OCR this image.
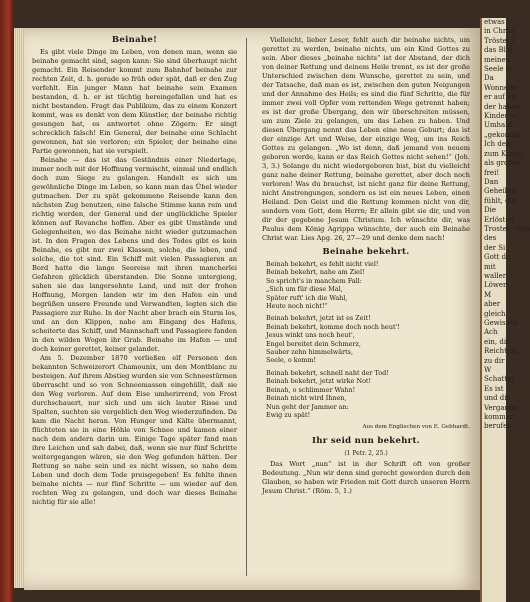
Beinahe!

Es gibt viele Dinge im Leben, von denen man, wenn sie beinahe gemacht sind, sagen kann: Sie sind überhaupt nicht gemacht. Ein Reisender kommt zum Bahnhof beinahe zur rechten Zeit, d. h. gerade so früh oder spät, daß er den Zug verfehlt. Ein junger Mann hat beinahe sein Examen bestanden, d. h. er ist tüchtig hereingefallen und hat es nicht bestanden. Fragt das Publikum, das zu einem Konzert kommt, was es denkt von dem Künstler, der beinahe richtig gesungen hat, es antwortet ohne Zögern: Er singt schrecklich falsch! Ein General, der beinahe eine Schlacht gewonnen, hat sie verloren; ein Spieler, der beinahe eine Partie gewonnen, hat sie verspielt.

Beinahe — das ist das Geständnis einer Niederlage, immer noch mit der Hoffnung vermischt, einmal und endlich doch zum Siege zu gelangen. Handelt es sich um gewöhnliche Dinge im Leben, so kann man das Übel wieder gutmachen. Der zu spät gekommene Reisende kann den nächsten Zug benutzen, eine falsche Stimme kann rein und richtig werden, der General und der unglückliche Spieler können auf Revanche hoffen. Aber es gibt Umstände und Gelegenheiten, wo das Beinahe nicht wieder gutzumachen ist. In den Fragen des Lebens und des Todes gibt es kein Beinahe, es gibt nur zwei Klassen, solche, die leben, und solche, die tot sind. Ein Schiff mit vielen Passagieren an Bord hatte die lange Seereise mit ihren mancherlei Gefahren glücklich überstanden. Die Sonne untergieng, sahen sie das langersehnte Land, und mit der frohen Hoffnung, Morgen landen wir im den Hafen ein und begrüßen unsere Freunde und Verwandten, legten sich die Passagiere zur Ruhe. In der Nacht aber brach ein Sturm los, und an den Klippen, nahe am Eingang des Hafens, scheiterte das Schiff, und Mannschaft und Passagiere fanden in den wilden Wogen ihr Grab. Beinahe im Hafen — und doch keiner gerettet, keiner gelandet.

Am 5. Dezember 1870 verließen elf Personen den bekannten Schweizerort Chamounix, um den Montblanc zu besteigen. Auf ihrem Abstieg wurden sie von Schneestürmen überrascht und so von Schneemassen eingehüllt, daß sie den Weg verloren. Auf dem Eise umherirrend, von Frost durchschauert, nur sich und um sich lauter Risse und Spalten, suchten sie vergeblich den Weg wiederzufinden. Da kam die Nacht heran. Von Hunger und Kälte übermannt, flüchteten sie in eine Höhle von Schnee und kamen einer nach dem andern darin um. Einige Tage später fand man ihre Leichen und sah dabei, daß, wenn sie nur fünf Schritte weitergegangen wären, sie den Weg gefunden hätten. Der Rettung so nahe sein und es nicht wissen, so nahe dem Leben und doch dem Tode preisgegeben! Es fehlte ihnen beinahe nichts — nur fünf Schritte — um wieder auf den rechten Weg zu gelangen, und doch war dieses Beinahe nichtig für sie alle!

Vielleicht, lieber Leser, fehlt auch dir beinahe nichts, um gerettet zu werden, beinahe nichts, um ein Kind Gottes zu sein. Aber dieses „beinahe nichts“ ist der Abstand, der dich von deiner Rettung und deinem Heile trennt, es ist der große Unterschied zwischen dem Wunsche, gerettet zu sein, und der Tatsache, daß man es ist, zwischen den guten Neigungen und der Annahme des Heils; es sind die fünf Schritte, die für immer zwei voll Opfer vom rettenden Wege getrennt haben; es ist der große Übergang, den wir überschreiten müssen, um zum Ziele zu gelangen, um das Leben zu haben. Und diesen Übergang nennt das Leben eine neue Geburt; das ist der einzige Art und Weise, der einzige Weg, um ins Reich Gottes zu gelangen. „Wo ist denn, daß jemand von neuem geboren werde, kann er das Reich Gottes nicht sehen!“ (Joh. 3, 3.) Solange du nicht wiedergeboren bist, bist du vielleicht ganz nahe deiner Rettung, beinahe gerettet, aber doch noch verloren! Was du brauchst, ist nicht ganz für deine Rettung, nicht Anstrengungen, sondern es ist ein neues Leben, einen Heiland. Den Geist und die Rettung kommen nicht von dir, sondern vom Gott, dem Herrn; Er allein gibt sie dir, und von dir der gegebene Jesum Christum. Ich wünschte dir, was Paulus dem König Agrippa wünschte, der auch ein Beinahe Christ war. Lies Apg. 26, 27—29 und denke dem nach!

Beinahe bekehrt.
Beinah bekehrt, es fehlt nicht viel!
Beinah bekehrt, nahe am Ziel!
So spricht's in manchem Fall:
„Sich um für diese Mal,
Später ruft' ich die Wahl,
Heute noch nicht!“
Beinah bekehrt, jetzt ist es Zeit!
Beinah bekehrt, komme doch noch heut'!
Jesus winkt uns noch heut',
Engel bereitet dein Schmerz,
Sauber zehn himmelwärts,
Seele, o komm!
Beinah bekehrt, schnell naht der Tod!
Beinah bekehrt, jetzt wirke Not!
Beinah, o schlimmer Wahn!
Beinah nicht wird Ihnen,
Nun geht der Jammer an:
Ewig zu spät!
Aus dem Englischen von E. Gebhardt.
Ihr seid nun bekehrt.
(1 Petr. 2, 25.)

Das Wort „nun“ ist in der Schrift oft von großer Bedeutung. „Nun wir denn sind gerecht geworden durch den Glauben, so haben wir Frieden mit Gott durch unseren Herrn Jesum Christ.“ (Röm. 5, 1.)

etwas
in Christ
Tröstet l
das Blut
meinen
Seele se
Da
Wonnebe
er auf ein
der haben
Kinder wi
Umhakt,
„gekomme
Ich den
zum Kreuz
als großes
frei!
Dan
Geheiligt
fühlt, die
Die
Erlösten
Trostes, dem
des
der Si
Gott de
mit
waller
Löwen
M
aber
gleich
Gewissen
Ach
ein, die
Reichtum
zu dir
W
Schatter
Es ist
und die
Vergange
kommen
berufen
